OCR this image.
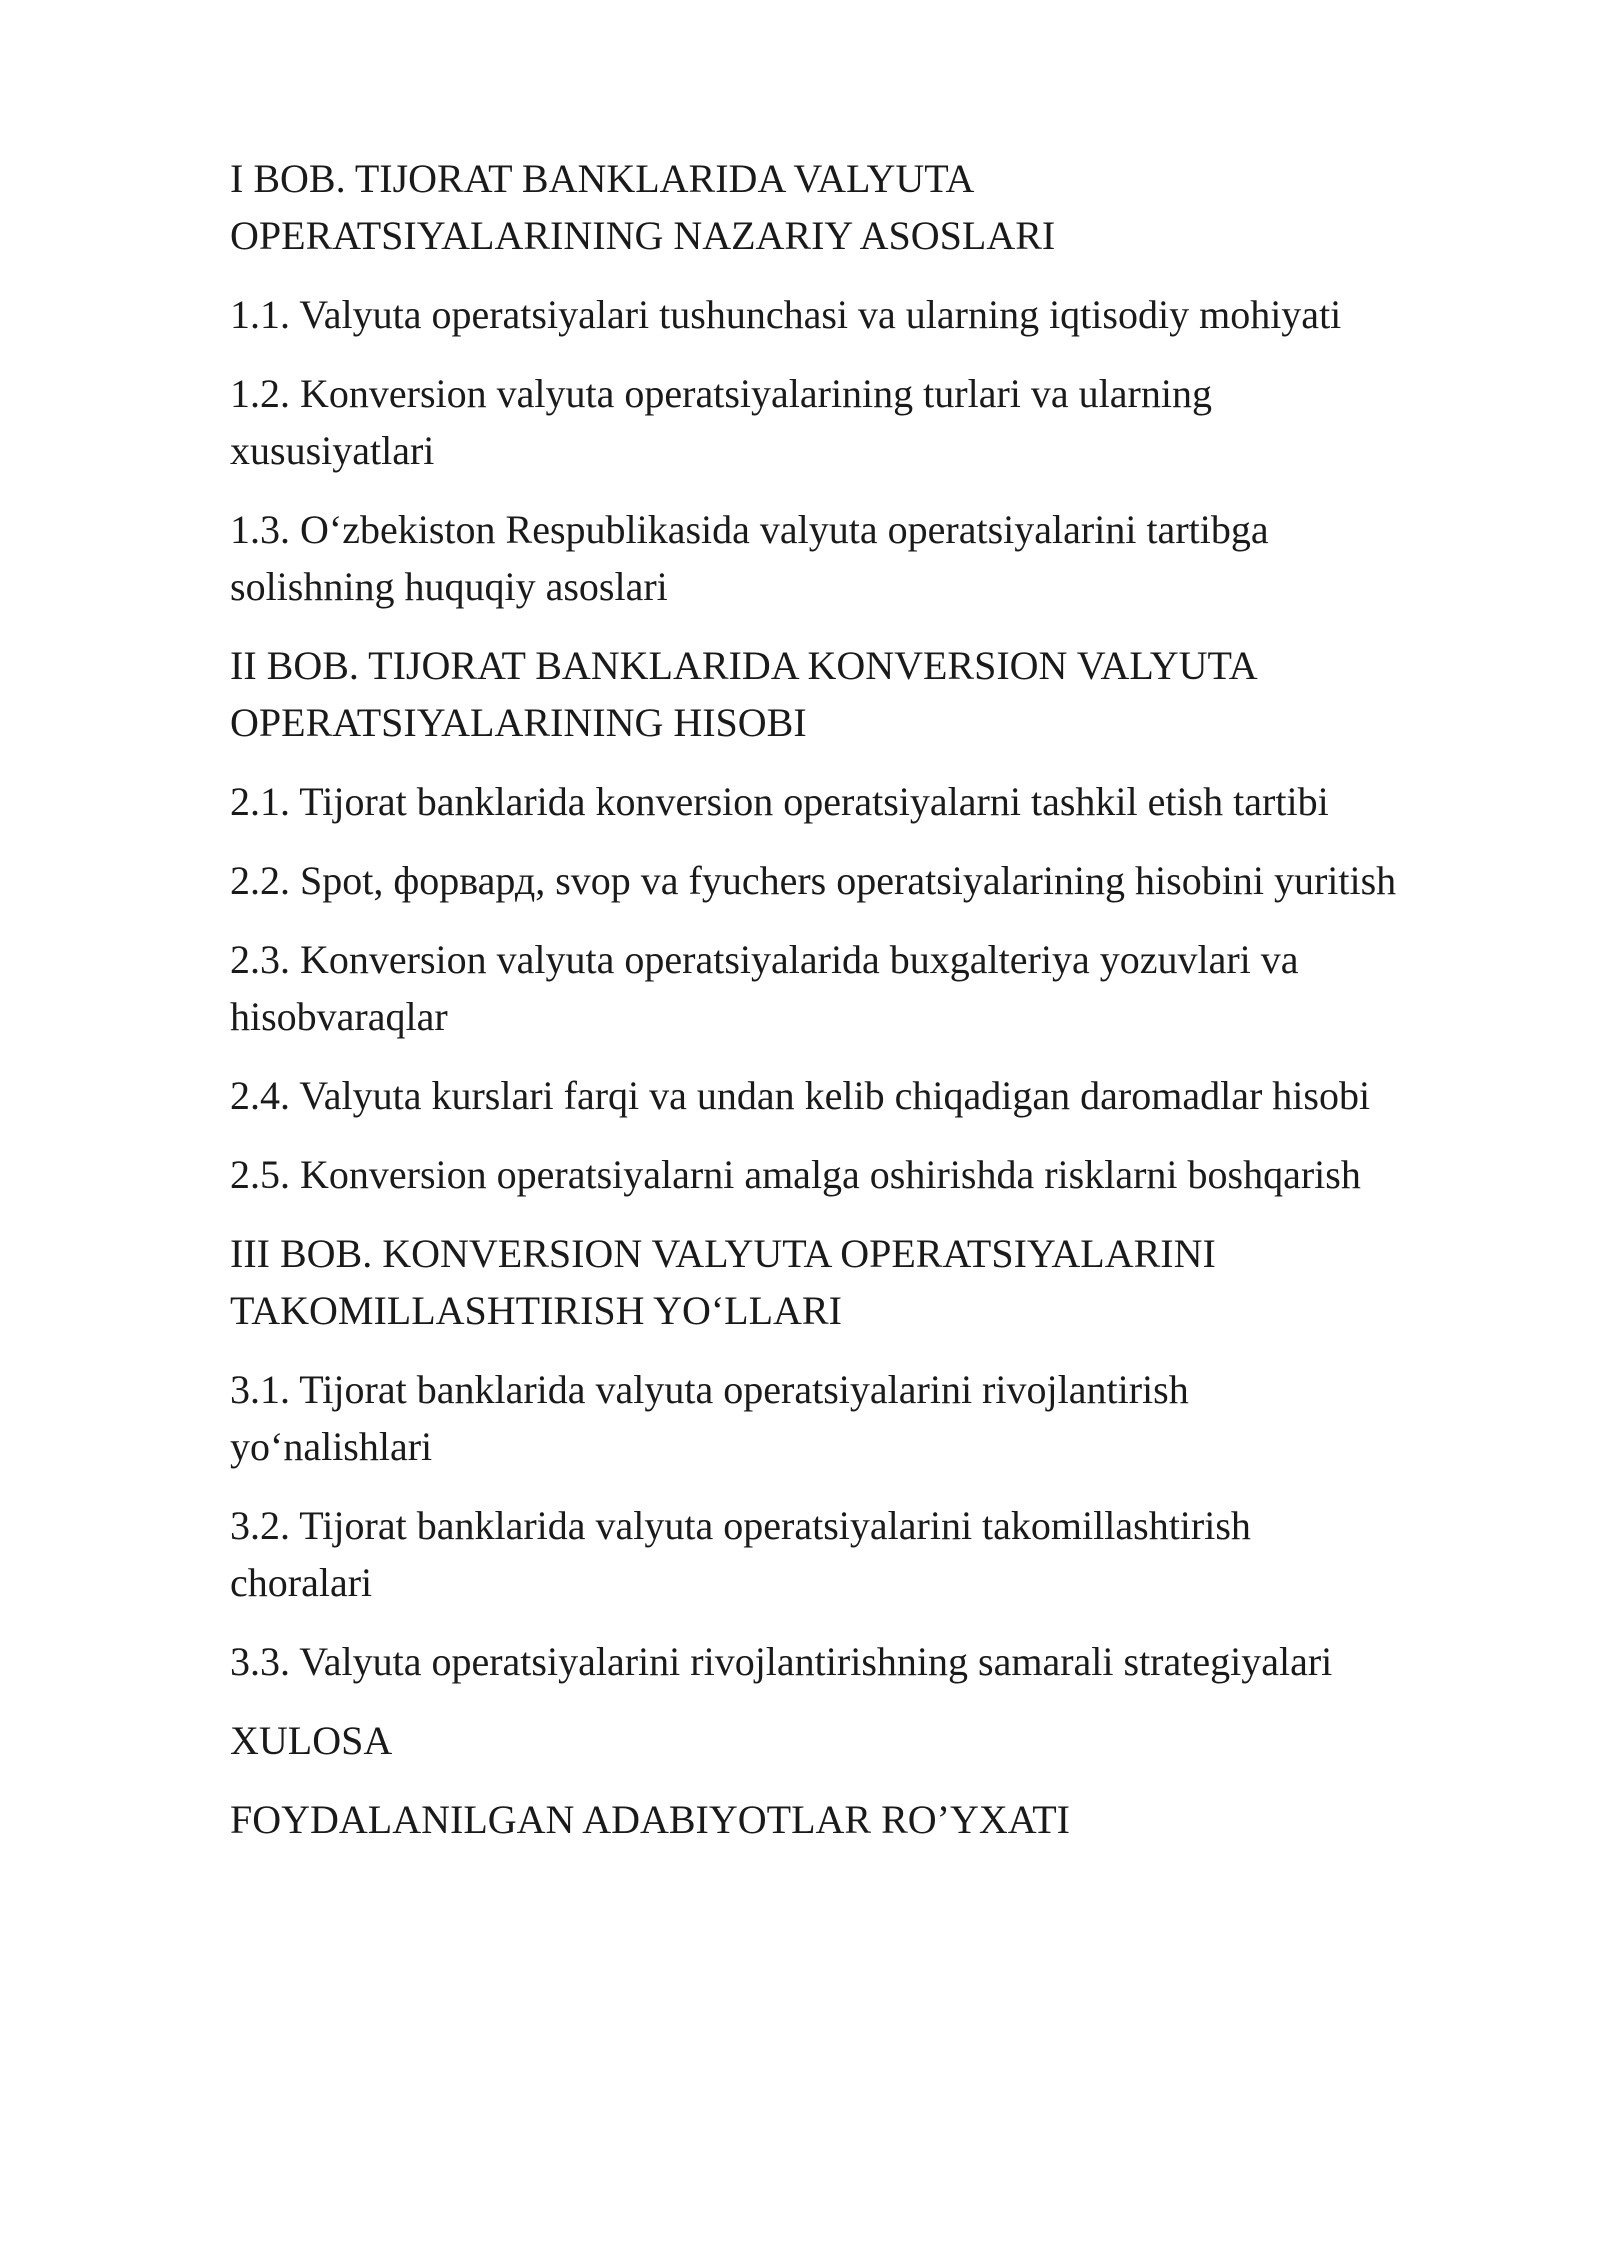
I BOB. TIJORAT BANKLARIDA VALYUTA
OPERATSIYALARINING NAZARIY ASOSLARI
1.1. Valyuta operatsiyalari tushunchasi va ularning iqtisodiy mohiyati
1.2. Konversion valyuta operatsiyalarining turlari va ularning
xususiyatlari
1.3. O‘zbekiston Respublikasida valyuta operatsiyalarini tartibga
solishning huquqiy asoslari
II BOB. TIJORAT BANKLARIDA KONVERSION VALYUTA
OPERATSIYALARINING HISOBI
2.1. Tijorat banklarida konversion operatsiyalarni tashkil etish tartibi
2.2. Spot, форвард, svop va fyuchers operatsiyalarining hisobini yuritish
2.3. Konversion valyuta operatsiyalarida buxgalteriya yozuvlari va
hisobvaraqlar
2.4. Valyuta kurslari farqi va undan kelib chiqadigan daromadlar hisobi
2.5. Konversion operatsiyalarni amalga oshirishda risklarni boshqarish
III BOB. KONVERSION VALYUTA OPERATSIYALARINI
TAKOMILLASHTIRISH YO‘LLARI
3.1. Tijorat banklarida valyuta operatsiyalarini rivojlantirish
yo‘nalishlari
3.2. Tijorat banklarida valyuta operatsiyalarini takomillashtirish
choralari
3.3. Valyuta operatsiyalarini rivojlantirishning samarali strategiyalari
XULOSA
FOYDALANILGAN ADABIYOTLAR RO’YXATI
